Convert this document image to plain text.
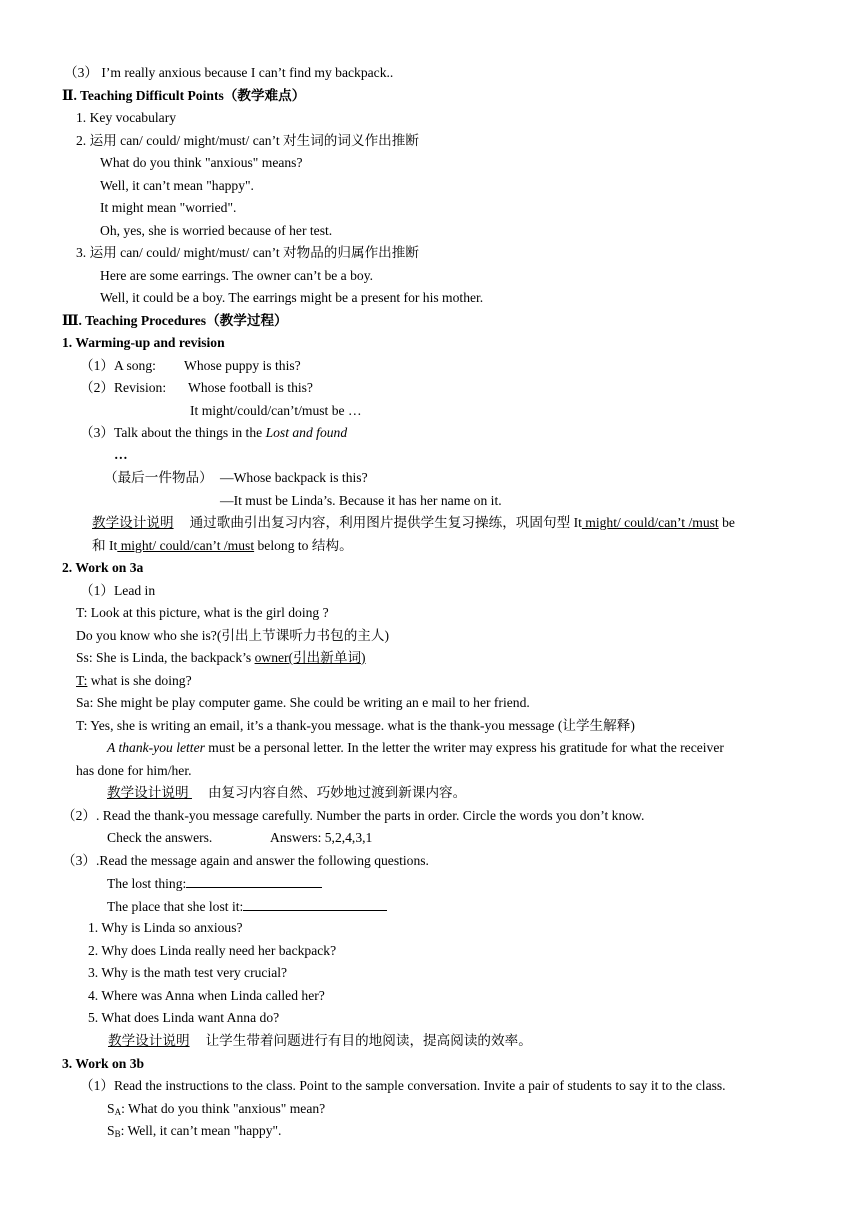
（3） I’m really anxious because I can’t find my backpack..
Ⅱ. Teaching Difficult Points（教学难点）
1. Key vocabulary
2. 运用 can/ could/ might/must/ can’t 对生词的词义作出推断
What do you think "anxious" means?
Well, it can’t mean "happy".
It might mean "worried".
Oh, yes, she is worried because of her test.
3. 运用 can/ could/ might/must/ can’t 对物品的归属作出推断
Here are some earrings. The owner can’t be a boy.
Well, it could be a boy. The earrings might be a present for his mother.
Ⅲ. Teaching Procedures（教学过程）
1. Warming-up and revision
（1）A song: Whose puppy is this?
（2）Revision: Whose football is this?
It might/could/can’t/must be …
（3）Talk about the things in the Lost and found
…
（最后一件物品） —Whose backpack is this?
—It must be Linda’s. Because it has her name on it.
教学设计说明 通过歌曲引出复习内容，利用图片提供学生复习操练，巩固句型 It might/ could/can’t /must be
和 It might/ could/can’t /must belong to 结构。
2. Work on 3a
（1）Lead in
T: Look at this picture, what is the girl doing ?
Do you know who she is?(引出上节课听力书包的主人)
Ss: She is Linda, the backpack’s owner(引出新单词)
T: what is she doing?
Sa: She might be play computer game. She could be writing an e mail to her friend.
T: Yes, she is writing an email, it’s a thank-you message. what is the thank-you message (让学生解释)
A thank-you letter must be a personal letter. In the letter the writer may express his gratitude for what the receiver
has done for him/her.
教学设计说明 由复习内容自然、巧妙地过渡到新课内容。
（2）. Read the thank-you message carefully. Number the parts in order. Circle the words you don’t know.
Check the answers.	Answers: 5,2,4,3,1
（3）.Read the message again and answer the following questions.
The lost thing:
The place that she lost it:
1. Why is Linda so anxious?
2. Why does Linda really need her backpack?
3. Why is the math test very crucial?
4. Where was Anna when Linda called her?
5. What does Linda want Anna do?
教学设计说明 让学生带着问题进行有目的地阅读，提高阅读的效率。
3. Work on 3b
（1）Read the instructions to the class. Point to the sample conversation. Invite a pair of students to say it to the class.
$S_A$: What do you think "anxious" mean?
$S_B$: Well, it can’t mean "happy".
